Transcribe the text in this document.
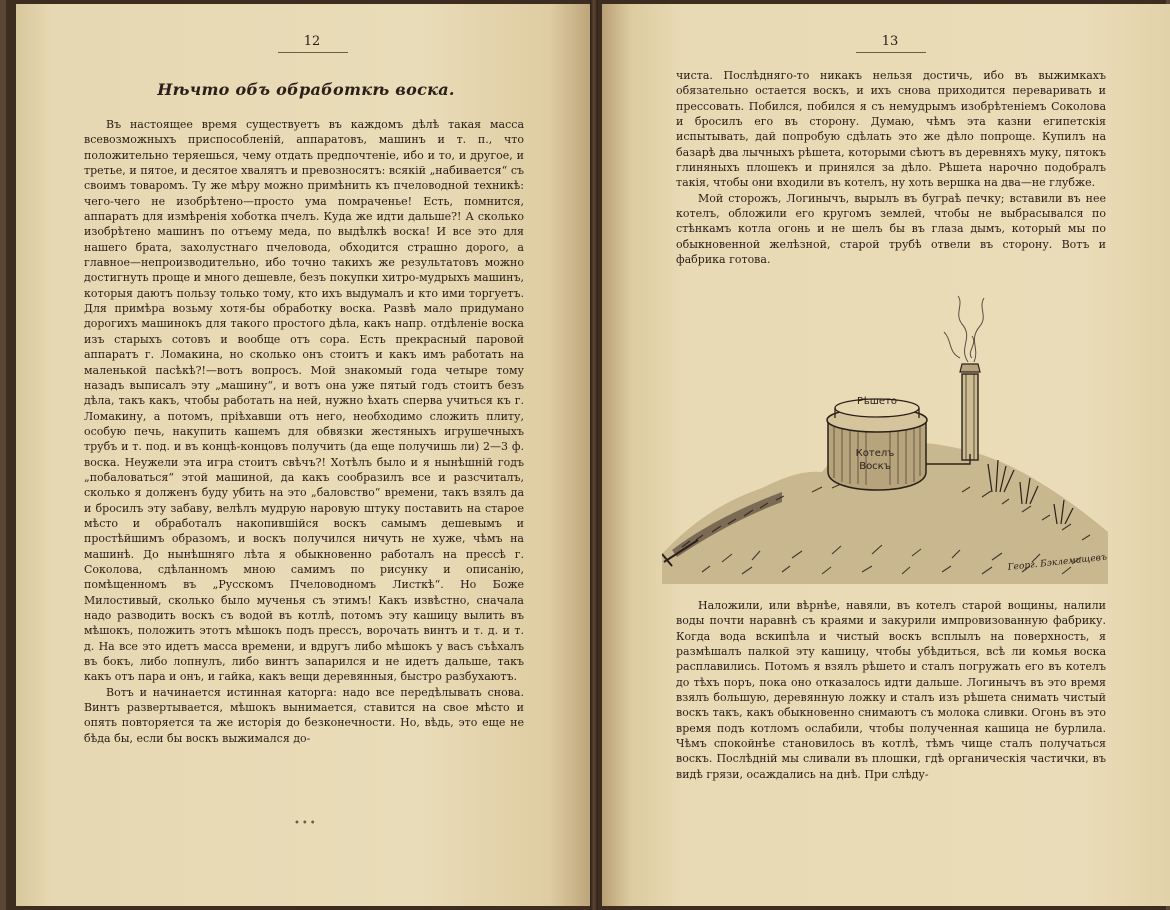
12
Нѣчто объ обработкѣ воска.

Въ настоящее время существуетъ въ каждомъ дѣлѣ такая масса всевозможныхъ приспособленій, аппаратовъ, машинъ и т. п., что положительно теряешься, чему отдать предпочтеніе, ибо и то, и другое, и третье, и пятое, и десятое хвалятъ и превозносятъ: всякій „набивается“ съ своимъ товаромъ. Ту же мѣру можно примѣнить къ пчеловодной техникѣ: чего-чего не изобрѣтено—просто ума помраченье! Есть, помнится, аппаратъ для измѣренія хоботка пчелъ. Куда же идти дальше?! А сколько изобрѣтено машинъ по отъему меда, по выдѣлкѣ воска! И все это для нашего брата, захолустнаго пчеловода, обходится страшно дорого, а главное—непроизводительно, ибо точно такихъ же результатовъ можно достигнуть проще и много дешевле, безъ покупки хитро-мудрыхъ машинъ, которыя даютъ пользу только тому, кто ихъ выдумалъ и кто ими торгуетъ. Для примѣра возьму хотя-бы обработку воска. Развѣ мало придумано дорогихъ машинокъ для такого простого дѣла, какъ напр. отдѣленіе воска изъ старыхъ сотовъ и вообще отъ сора. Есть прекрасный паровой аппаратъ г. Ломакина, но сколько онъ стоитъ и какъ имъ работать на маленькой пасѣкѣ?!—вотъ вопросъ. Мой знакомый года четыре тому назадъ выписалъ эту „машину“, и вотъ она уже пятый годъ стоитъ безъ дѣла, такъ какъ, чтобы работать на ней, нужно ѣхать сперва учиться къ г. Ломакину, а потомъ, пріѣхавши отъ него, необходимо сложить плиту, особую печь, накупить кашемъ для обвязки жестяныхъ игрушечныхъ трубъ и т. под. и въ концѣ-концовъ получить (да еще получишь ли) 2—3 ф. воска. Неужели эта игра стоитъ свѣчъ?! Хотѣлъ было и я нынѣшній годъ „побаловаться“ этой машиной, да какъ сообразилъ все и разсчиталъ, сколько я долженъ буду убить на это „баловство“ времени, такъ взялъ да и бросилъ эту забаву, велѣлъ мудрую наровую штуку поставить на старое мѣсто и обработалъ накопившійся воскъ самымъ дешевымъ и простѣйшимъ образомъ, и воскъ получился ничуть не хуже, чѣмъ на машинѣ. До нынѣшняго лѣта я обыкновенно работалъ на прессѣ г. Соколова, сдѣланномъ мною самимъ по рисунку и описанію, помѣщенномъ въ „Русскомъ Пчеловодномъ Листкѣ“. Но Боже Милостивый, сколько было мученья съ этимъ! Какъ извѣстно, сначала надо разводить воскъ съ водой въ котлѣ, потомъ эту кашицу вылить въ мѣшокъ, положить этотъ мѣшокъ подъ прессъ, ворочать винтъ и т. д. и т. д. На все это идетъ масса времени, и вдругъ либо мѣшокъ у васъ съѣхалъ въ бокъ, либо лопнулъ, либо винтъ запарился и не идетъ дальше, такъ какъ отъ пара и онъ, и гайка, какъ вещи деревянныя, быстро разбухаютъ.

Вотъ и начинается истинная каторга: надо все передѣлывать снова. Винтъ развертывается, мѣшокъ вынимается, ставится на свое мѣсто и опять повторяется та же исторія до безконечности. Но, вѣдь, это еще не бѣда бы, если бы воскъ выжимался до-

•••
13

чиста. Послѣдняго-то никакъ нельзя достичь, ибо въ выжимкахъ обязательно остается воскъ, и ихъ снова приходится переваривать и прессовать. Побился, побился я съ немудрымъ изобрѣтеніемъ Соколова и бросилъ его въ сторону. Думаю, чѣмъ эта казни египетскія испытывать, дай попробую сдѣлать это же дѣло попроще. Купилъ на базарѣ два лычныхъ рѣшета, которыми сѣютъ въ деревняхъ муку, пятокъ глиняныхъ плошекъ и принялся за дѣло. Рѣшета нарочно подобралъ такія, чтобы они входили въ котелъ, ну хоть вершка на два—не глубже.

Мой сторожъ, Логинычъ, вырылъ въ буграѣ печку; вставили въ нее котелъ, обложили его кругомъ землей, чтобы не выбрасывался по стѣнкамъ котла огонь и не шелъ бы въ глаза дымъ, который мы по обыкновенной желѣзной, старой трубѣ отвели въ сторону. Вотъ и фабрика готова.

Рѣшето
Котелъ
Воскъ
Георг. Бэклемищевъ

Наложили, или вѣрнѣе, навяли, въ котелъ старой вощины, налили воды почти наравнѣ съ краями и закурили импровизованную фабрику. Когда вода вскипѣла и чистый воскъ всплылъ на поверхность, я размѣшалъ палкой эту кашицу, чтобы убѣдиться, всѣ ли комья воска расплавились. Потомъ я взялъ рѣшето и сталъ погружать его въ котелъ до тѣхъ поръ, пока оно отказалось идти дальше. Логинычъ въ это время взялъ большую, деревянную ложку и сталъ изъ рѣшета снимать чистый воскъ такъ, какъ обыкновенно снимаютъ съ молока сливки. Огонь въ это время подъ котломъ ослабили, чтобы полученная кашица не бурлила. Чѣмъ спокойнѣе становилось въ котлѣ, тѣмъ чище сталъ получаться воскъ. Послѣдній мы сливали въ плошки, гдѣ органическія частички, въ видѣ грязи, осаждались на днѣ. При слѣду-
